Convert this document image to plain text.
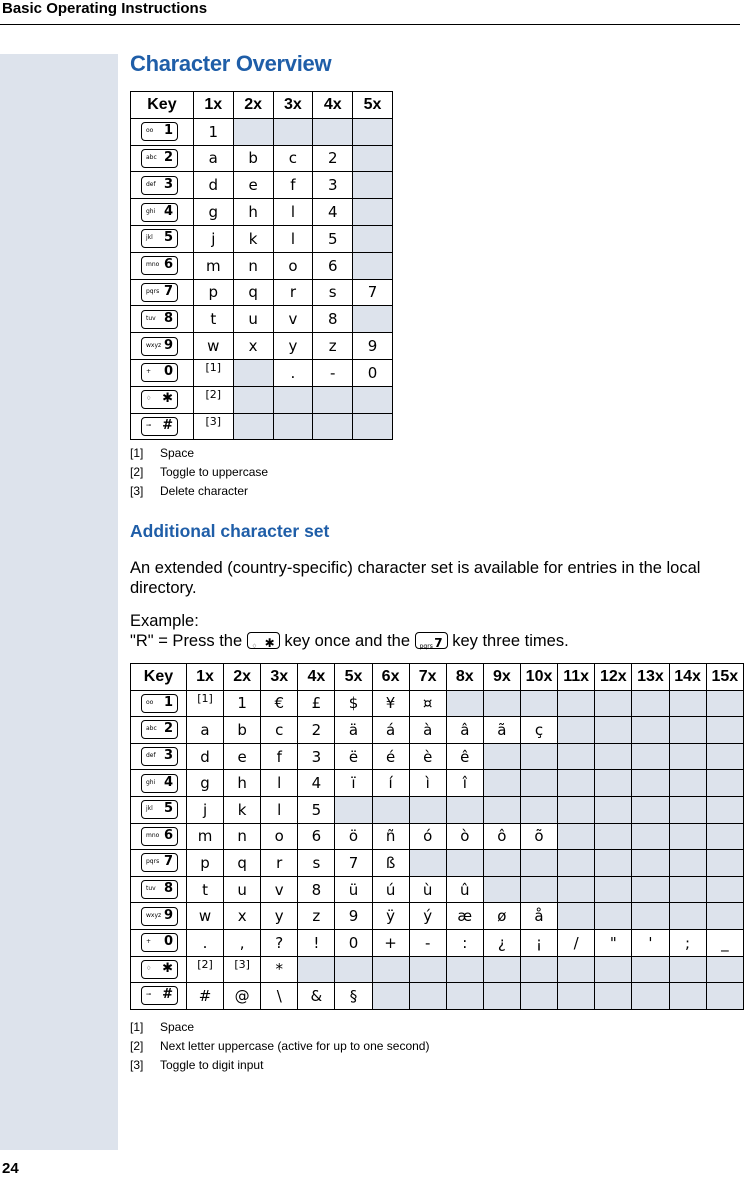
Basic Operating Instructions
Character Overview
Key	1x	2x	3x	4x	5x

oo 1	1				

abc 2	a	b	c	2	

def 3	d	e	f	3	

ghi 4	g	h	l	4	

jkl 5	j	k	l	5	

mno 6	m	n	o	6	

pqrs 7	p	q	r	s	7

tuv 8	t	u	v	8	

wxyz 9	w	x	y	z	9

+ 0	[1]		.	-	0

♢ ✱	[2]				

⊸ #	[3]				
[1] Space
[2] Toggle to uppercase
[3] Delete character
Additional character set
An extended (country-specific) character set is available for entries in the local directory.
Example:
"R" = Press the ♢ ✱ key once and the pqrs 7 key three times.
Key	1x	2x	3x	4x	5x	6x	7x	8x	9x	10x	11x	12x	13x	14x	15x

oo 1	[1]	1	€	£	$	¥	¤								

abc 2	a	b	c	2	ä	á	à	â	ã	ç					

def 3	d	e	f	3	ë	é	è	ê							

ghi 4	g	h	l	4	ï	í	ì	î							

jkl 5	j	k	l	5											

mno 6	m	n	o	6	ö	ñ	ó	ò	ô	õ					

pqrs 7	p	q	r	s	7	ß									

tuv 8	t	u	v	8	ü	ú	ù	û							

wxyz 9	w	x	y	z	9	ÿ	ý	æ	ø	å					

+ 0	.	,	?	!	0	+	-	:	¿	¡	/	"	'	;	_

♢ ✱	[2]	[3]	*												

⊸ #	#	@	\	&	§										
[1] Space
[2] Next letter uppercase (active for up to one second)
[3] Toggle to digit input
24
